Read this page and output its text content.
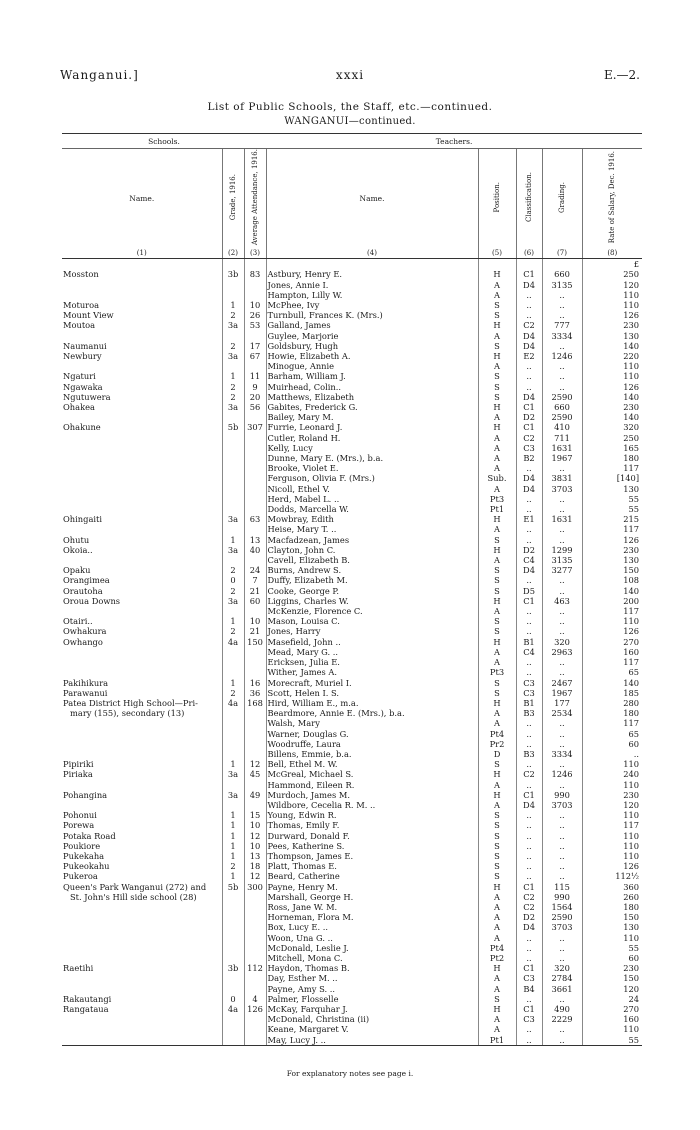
Wanganui.]	xxxi	E.—2.
List of Public Schools, the Staff, etc.—continued.
WANGANUI—continued.
Schools.			Teachers.				
Name.	Grade, 1916.	Average Attendance, 1916.	Name.	Position.	Classification.	Grading.	Rate of Salary, Dec. 1916.
(1)	(2)	(3)	(4)	(5)	(6)	(7)	(8)
							£
Mosston	3b	83	Astbury, Henry E.	H	C1	660	250
			Jones, Annie I.	A	D4	3135	120
			Hampton, Lilly W.	A	..	..	110
Moturoa	1	10	McPhee, Ivy	S	..	..	110
Mount View	2	26	Turnbull, Frances K. (Mrs.)	S	..	..	126
Moutoa	3a	53	Galland, James	H	C2	777	230
			Guylee, Marjorie	A	D4	3334	130
Naumanui	2	17	Goldsbury, Hugh	S	D4	..	140
Newbury	3a	67	Howie, Elizabeth A.	H	E2	1246	220
			Minogue, Annie	A	..	..	110
Ngaturi	1	11	Barham, William J.	S	..	..	110
Ngawaka	2	9	Muirhead, Colin..	S	..	..	126
Ngutuwera	2	20	Matthews, Elizabeth	S	D4	2590	140
Ohakea	3a	56	Gabites, Frederick G.	H	C1	660	230
			Bailey, Mary M.	A	D2	2590	140
Ohakune	5b	307	Furrie, Leonard J.	H	C1	410	320
			Cutler, Roland H.	A	C2	711	250
			Kelly, Lucy	A	C3	1631	165
			Dunne, Mary E. (Mrs.), b.a.	A	B2	1967	180
			Brooke, Violet E.	A	..	..	117
			Ferguson, Olivia F. (Mrs.)	Sub.	D4	3831	[140]
			Nicoll, Ethel V.	A	D4	3703	130
			Herd, Mabel L. ..	Pt3	..	..	55
			Dodds, Marcella W.	Pt1	..	..	55
Ohingaiti	3a	63	Mowbray, Edith	H	E1	1631	215
			Heise, Mary T. ..	A	..	..	117
Ohutu	1	13	Macfadzean, James	S	..	..	126
Okoia..	3a	40	Clayton, John C.	H	D2	1299	230
			Cavell, Elizabeth B.	A	C4	3135	130
Opaku	2	24	Burns, Andrew S.	S	D4	3277	150
Orangimea	0	7	Duffy, Elizabeth M.	S	..	..	108
Orautoha	2	21	Cooke, George P.	S	D5	..	140
Oroua Downs	3a	60	Liggins, Charles W.	H	C1	463	200
			McKenzie, Florence C.	A	..	..	117
Otairi..	1	10	Mason, Louisa C.	S	..	..	110
Owhakura	2	21	Jones, Harry	S	..	..	126
Owhango	4a	150	Masefield, John ..	H	B1	320	270
			Mead, Mary G. ..	A	C4	2963	160
			Ericksen, Julia E.	A	..	..	117
			Wither, James A.	Pt3	..	..	65
Pakihikura	1	16	Morecraft, Muriel I.	S	C3	2467	140
Parawanui	2	36	Scott, Helen I. S.	S	C3	1967	185
Patea District High School—Pri-	4a	168	Hird, William E., m.a.	H	B1	177	280
mary (155), secondary (13)			Beardmore, Annie E. (Mrs.), b.a.	A	B3	2534	180
			Walsh, Mary	A	..	..	117
			Warner, Douglas G.	Pt4	..	..	65
			Woodruffe, Laura	Pr2	..	..	60
			Billens, Emmie, b.a.	D	B3	3334	..
Pipiriki	1	12	Bell, Ethel M. W.	S	..	..	110
Piriaka	3a	45	McGreal, Michael S.	H	C2	1246	240
			Hammond, Eileen R.	A	..	..	110
Pohangina	3a	49	Murdoch, James M.	H	C1	990	230
			Wildbore, Cecelia R. M. ..	A	D4	3703	120
Pohonui	1	15	Young, Edwin R.	S	..	..	110
Porewa	1	10	Thomas, Emily F.	S	..	..	117
Potaka Road	1	12	Durward, Donald F.	S	..	..	110
Poukiore	1	10	Pees, Katherine S.	S	..	..	110
Pukekaha	1	13	Thompson, James E.	S	..	..	110
Pukeokahu	2	18	Platt, Thomas E.	S	..	..	126
Pukeroa	1	12	Beard, Catherine	S	..	..	112½
Queen's Park Wanganui (272) and	5b	300	Payne, Henry M.	H	C1	115	360
St. John's Hill side school (28)			Marshall, George H.	A	C2	990	260
			Ross, Jane W. M.	A	C2	1564	180
			Horneman, Flora M.	A	D2	2590	150
			Box, Lucy E. ..	A	D4	3703	130
			Woon, Una G. ..	A	..	..	110
			McDonald, Leslie J.	Pt4	..	..	55
			Mitchell, Mona C.	Pt2	..	..	60
Raetihi	3b	112	Haydon, Thomas B.	H	C1	320	230
			Day, Esther M. ..	A	C3	2784	150
			Payne, Amy S. ..	A	B4	3661	120
Rakautangi	0	4	Palmer, Flosselle	S	..	..	24
Rangataua	4a	126	McKay, Farquhar J.	H	C1	490	270
			McDonald, Christina (ii)	A	C3	2229	160
			Keane, Margaret V.	A	..	..	110
			May, Lucy J. ..	Pt1	..	..	55
For explanatory notes see page i.
